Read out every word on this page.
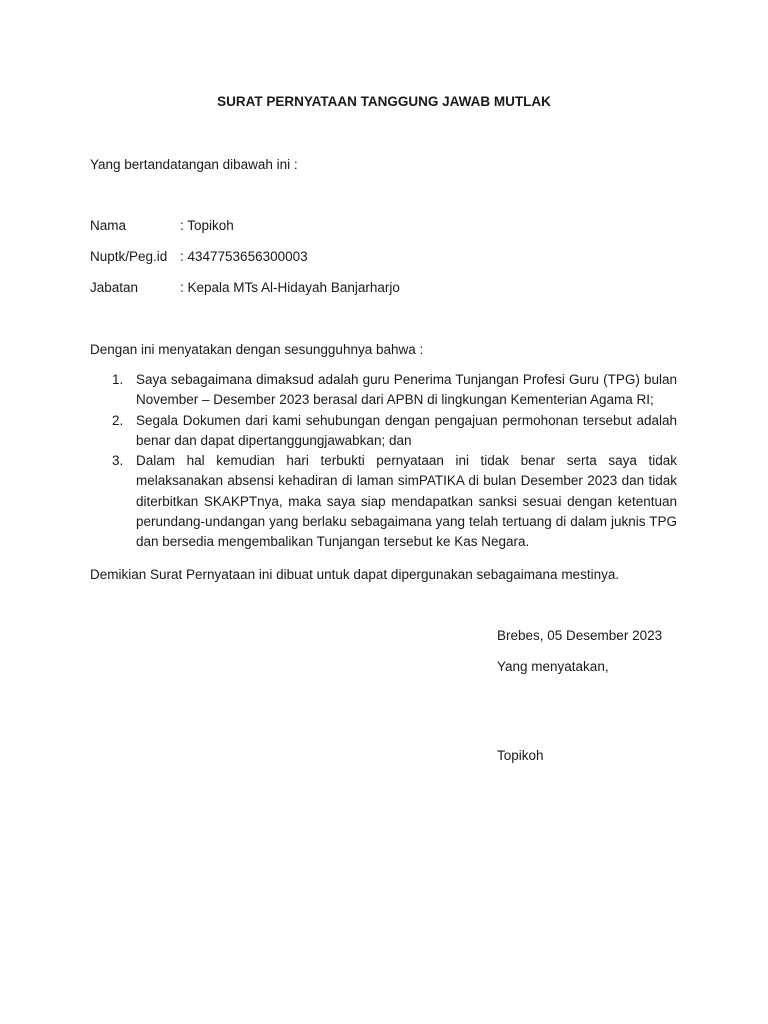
SURAT PERNYATAAN TANGGUNG JAWAB MUTLAK
Yang bertandatangan dibawah ini :
Nama	: Topikoh
Nuptk/Peg.id : 4347753656300003
Jabatan	: Kepala MTs Al-Hidayah Banjarharjo
Dengan ini menyatakan dengan sesungguhnya bahwa :
1. Saya sebagaimana dimaksud adalah guru Penerima Tunjangan Profesi Guru (TPG) bulan November – Desember 2023 berasal dari APBN di lingkungan Kementerian Agama RI;
2. Segala Dokumen dari kami sehubungan dengan pengajuan permohonan tersebut adalah benar dan dapat dipertanggungjawabkan; dan
3. Dalam hal kemudian hari terbukti pernyataan ini tidak benar serta saya tidak melaksanakan absensi kehadiran di laman simPATIKA di bulan Desember 2023 dan tidak diterbitkan SKAKPTnya, maka saya siap mendapatkan sanksi sesuai dengan ketentuan perundang-undangan yang berlaku sebagaimana yang telah tertuang di dalam juknis TPG dan bersedia mengembalikan Tunjangan tersebut ke Kas Negara.
Demikian Surat Pernyataan ini dibuat untuk dapat dipergunakan sebagaimana mestinya.
Brebes, 05 Desember 2023
Yang menyatakan,
Topikoh
